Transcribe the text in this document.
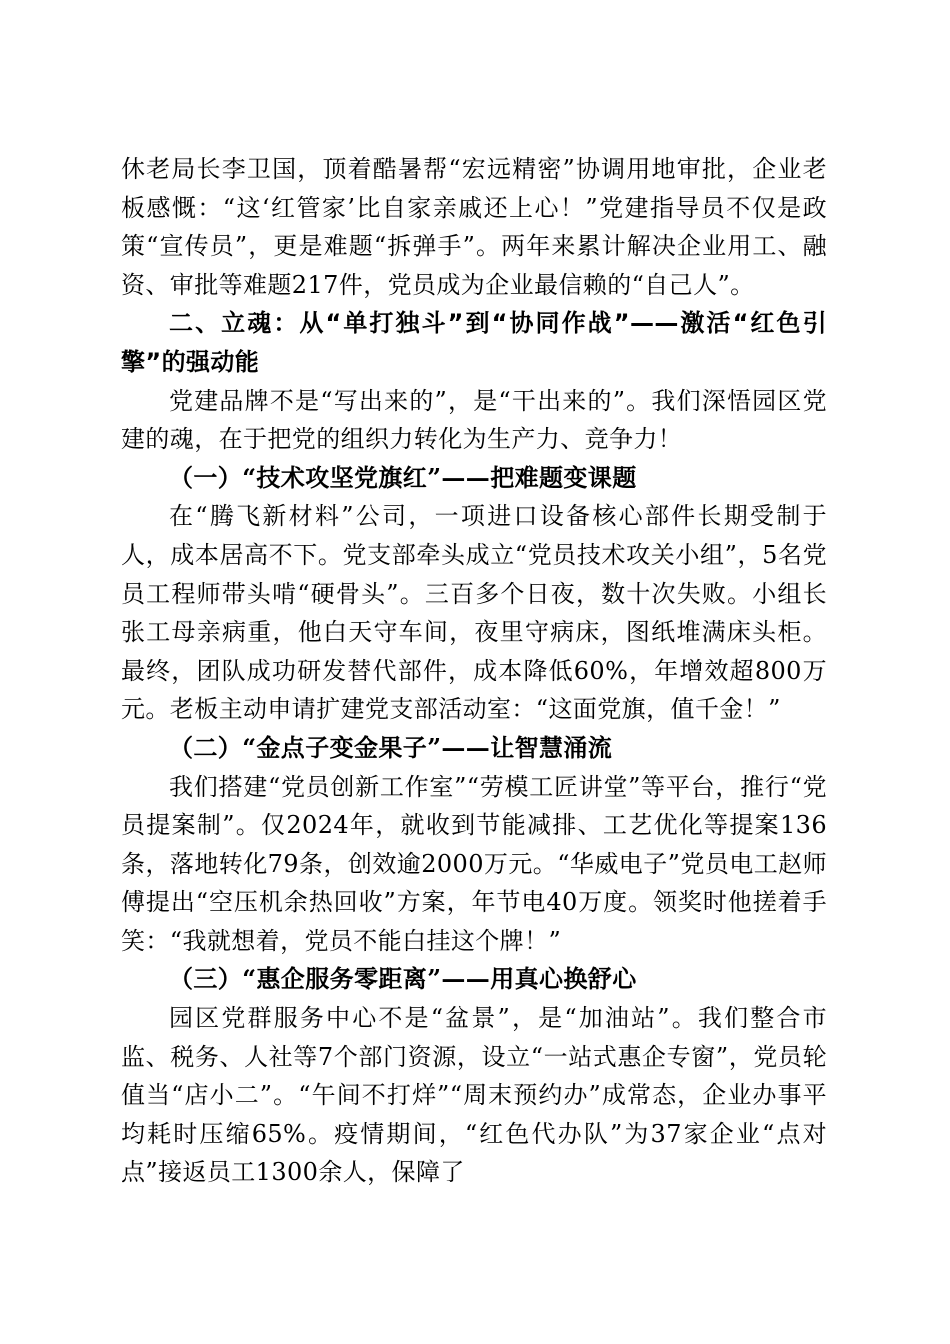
休老局长李卫国，顶着酷暑帮“宏远精密”协调用地审批，企业老板感慨：“这‘红管家’比自家亲戚还上心！”党建指导员不仅是政策“宣传员”，更是难题“拆弹手”。两年来累计解决企业用工、融资、审批等难题217件，党员成为企业最信赖的“自己人”。

二、立魂：从“单打独斗”到“协同作战”——激活“红色引擎”的强动能

党建品牌不是“写出来的”，是“干出来的”。我们深悟园区党建的魂，在于把党的组织力转化为生产力、竞争力！

（一）“技术攻坚党旗红”——把难题变课题

在“腾飞新材料”公司，一项进口设备核心部件长期受制于人，成本居高不下。党支部牵头成立“党员技术攻关小组”，5名党员工程师带头啃“硬骨头”。三百多个日夜，数十次失败。小组长张工母亲病重，他白天守车间，夜里守病床，图纸堆满床头柜。最终，团队成功研发替代部件，成本降低60%，年增效超800万元。老板主动申请扩建党支部活动室：“这面党旗，值千金！”

（二）“金点子变金果子”——让智慧涌流

我们搭建“党员创新工作室”“劳模工匠讲堂”等平台，推行“党员提案制”。仅2024年，就收到节能减排、工艺优化等提案136条，落地转化79条，创效逾2000万元。“华威电子”党员电工赵师傅提出“空压机余热回收”方案，年节电40万度。领奖时他搓着手笑：“我就想着，党员不能白挂这个牌！”

（三）“惠企服务零距离”——用真心换舒心

园区党群服务中心不是“盆景”，是“加油站”。我们整合市监、税务、人社等7个部门资源，设立“一站式惠企专窗”，党员轮值当“店小二”。“午间不打烊”“周末预约办”成常态，企业办事平均耗时压缩65%。疫情期间，“红色代办队”为37家企业“点对点”接返员工1300余人，保障了
